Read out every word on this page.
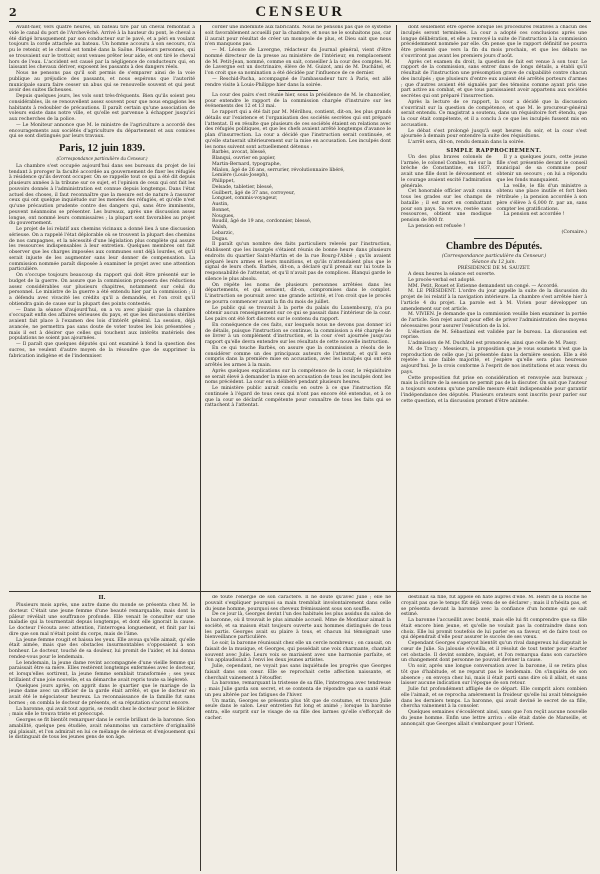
2	CENSEUR

Avant-hier, vers quatre heures, un bateau tiré par un cheval remontait à vide le canal du port de l'Archevêché. Arrivé à la hauteur du pont, le cheval a été dirigé brusquement par son conducteur sur le pavé, et a péri en voulant toujours la corde attachée au bateau. Un homme accouru à son secours, n'a pu le retenir, et le cheval est tombé dans la Saône. Plusieurs personnes, qui se trouvaient sur le trottoir, sont venues prêter leur aide, et ont tiré le cheval hors de l'eau. L'accident est causé par la négligence de conducteurs qui, en laissant les chevaux dériver, exposent les passants à des dangers réels.

Nous ne pensons pas qu'il soit permis de s'emparer ainsi de la voie publique au préjudice des passants, et nous espérons que l'autorité municipale saura faire cesser un abus qui se renouvelle souvent et qui peut avoir des suites fâcheuses.

Depuis quelques jours, les vols sont très-fréquents. Bien qu'ils soient peu considérables, ils se renouvellent assez souvent pour que nous engagions les habitants à redoubler de précautions. Il paraît certain qu'une association de voleurs existe dans notre ville, et qu'elle est parvenue à échapper jusqu'ici aux recherches de la police.

— Le Moniteur annonce que M. le ministre de l'agriculture a accordé des encouragements aux sociétés d'agriculture du département et aux comices qui se sont distingués par leurs travaux.

Paris, 12 juin 1839.
(Correspondance particulière du Censeur.)

La chambre s'est occupée aujourd'hui dans ses bureaux du projet de loi tendant à proroger la faculté accordée au gouvernement de fixer les réfugiés à résidence qu'ils devront occuper. On se rappelle tout ce qui a été dit depuis plusieurs années à la tribune sur ce sujet, et l'opinion de ceux qui ont fait les pouvoirs donnés à l'administration est connue depuis longtemps. Dans l'état actuel des choses, il faut reconnaître que la mesure est de nature à rassurer ceux qui ont quelque inquiétude sur les menées des réfugiés, et qu'elle n'est qu'une précaution prudente contre des dangers qui, sans être imminents, peuvent néanmoins se présenter. Les bureaux, après une discussion assez longue, ont nommé leurs commissaires ; la plupart sont favorables au projet du gouvernement.

Le projet de loi relatif aux chemins vicinaux a donné lieu à une discussion sérieuse. On a rappelé l'état déplorable où se trouvent la plupart des chemins de nos campagnes, et la nécessité d'une législation plus complète qui assure les ressources indispensables à leur entretien. Quelques membres ont fait observer que les charges imposées aux communes sont déjà lourdes, et qu'il serait injuste de les augmenter sans leur donner de compensation. La commission nommée paraît disposée à examiner le projet avec une attention particulière.

On s'occupe toujours beaucoup du rapport qui doit être présenté sur le budget de la guerre. On assure que la commission proposera des réductions assez considérables sur plusieurs chapitres, notamment sur celui du personnel. Le ministre de la guerre a été entendu hier par la commission ; il a défendu avec vivacité les crédits qu'il a demandés, et l'on croit qu'il obtiendra gain de cause sur la plupart des points contestés.

— Dans la séance d'aujourd'hui, on a vu avec plaisir que la chambre s'occupait enfin des affaires sérieuses du pays, et que les discussions stériles avaient fait place à l'examen des lois d'intérêt général. La session, déjà avancée, ne permettra pas sans doute de voter toutes les lois présentées ; mais il est à désirer que celles qui touchent aux intérêts matériels des populations ne soient pas ajournées.

— Il paraît que quelques députés qui ont examiné à fond la question des sucres, ne veulent d'autre moyen de la résoudre que de supprimer la fabrication indigène et de l'indemniser.

corder une indemnité aux fabricants. Nous ne pensons pas que ce système soit favorablement accueilli par la chambre, et nous ne le souhaitons pas, car il aurait pour résultat de créer un monopole de plus, et Dieu sait que nous n'en manquons pas.

— M. Léonce de Lavergne, rédacteur du Journal général, vient d'être nommé directeur de la presse au ministère de l'intérieur, en remplacement de M. Petit-Jean, nommé, comme on sait, conseiller à la cour des comptes. M. de Lavergne est un doctrinaire, élève de M. Guizot, ami de M. Duchâtel, et l'on croit que sa nomination a été décidée par l'influence de ce dernier.

— Reschid-Pacha, accompagné de l'ambassadeur turc à Paris, est allé rendre visite à Louis-Philippe hier dans la soirée.

La cour des pairs s'est réunie hier, sous la présidence de M. le chancelier, pour entendre le rapport de la commission chargée d'instruire sur les événements des 12 et 13 mai.

Le rapport qui a été fait par M. Mérilhou, contient, dit-on, les plus grands détails sur l'existence et l'organisation des sociétés secrètes qui ont préparé l'attentat. Il en résulte que plusieurs de ces sociétés étaient en relations avec des réfugiés politiques, et que les chefs avaient arrêté longtemps d'avance le plan d'insurrection. La cour a décidé que l'instruction serait continuée, et qu'elle statuerait ultérieurement sur la mise en accusation. Les inculpés dont les noms suivent sont actuellement détenus :

Barbès, avocat, blessé,

Blanqui, ouvrier en papier,

Martin-Bernard, typographe,

Mialon, âgé de 26 ans, serrurier, révolutionnaire libéré,

Lemière (Louis-Joseph),

Philippet,

Delsade, tabletier, blessé,

Guilbert, âgé de 37 ans, corroyeur,

Longuet, commis-voyageur,

Austin,

Bonnet,

Nougues,

Roudil, âgé de 19 ans, cordonnier, blessé,

Walsh,

Lebarzic,

Dugas.

Il paraît qu'un nombre des faits particuliers relevés par l'instruction, établissent que les insurgés s'étaient réunis de bonne heure dans plusieurs endroits du quartier Saint-Martin et de la rue Bourg-l'Abbé ; qu'ils avaient préparé leurs armes et leurs munitions, et qu'ils n'attendaient plus que le signal de leurs chefs. Barbès, dit-on, a déclaré qu'il prenait sur lui toute la responsabilité de l'attentat, et qu'il n'avait pas de complices. Blanqui garde le silence le plus absolu.

On répète les noms de plusieurs personnes arrêtées dans les départements, et qui seraient, dit-on, compromises dans le complot. L'instruction se poursuit avec une grande activité, et l'on croit que le procès ne pourra commencer avant la fin du mois de juillet.

Le public qui se trouvait à la porte du palais du Luxembourg, n'a pu obtenir aucun renseignement sur ce qui se passait dans l'intérieur de la cour. Les pairs ont été fort discrets sur le contenu du rapport.

En conséquence de ces faits, sur lesquels nous ne devons pas donner ici de détails, puisque l'instruction se continue, la commission a été chargée de se livrer à un complément d'instruction, et la cour s'est ajournée jusqu'au rapport qu'elle devra entendre sur les résultats de cette nouvelle instruction.

En ce qui touche Barbès, on assure que la commission a résolu de le considérer comme un des principaux auteurs de l'attentat, et qu'il sera compris dans la première mise en accusation, avec les inculpés qui ont été arrêtés les armes à la main.

Après quelques explications sur la compétence de la cour, le réquisitoire se serait élevé à demander la mise en accusation de tous les inculpés dont les noms précèdent. La cour en a délibéré pendant plusieurs heures.

Le ministère public aurait conclu en outre à ce que l'instruction fût continuée à l'égard de tous ceux qui n'ont pas encore été entendus, et à ce que la cour se déclarât compétente pour connaître de tous les faits qui se rattachent à l'attentat.

dont seulement être opérée lorsque les procédures relatives à chacun des inculpés seront terminées. La cour a adopté ces conclusions après une longue délibération, et elle a renvoyé la suite de l'instruction à la commission précédemment nommée par elle. On pense que le rapport définitif ne pourra être présenté que vers la fin du mois prochain, et que les débats ne s'ouvriront pas avant les premiers jours d'août.

Après cet examen du droit, la question de fait est venue à son tour. Le rapport de la commission, sans entrer dans de longs détails, a établi qu'il résultait de l'instruction une présomption grave de culpabilité contre chacun des inculpés ; que plusieurs d'entre eux avaient été arrêtés porteurs d'armes ; que d'autres avaient été signalés par des témoins comme ayant pris une part active au combat, et que tous paraissaient avoir appartenu aux sociétés secrètes qui ont préparé l'insurrection.

Après la lecture de ce rapport, la cour a décidé que la discussion s'ouvrirait sur la question de compétence, et que M. le procureur-général serait entendu. Ce magistrat a soutenu, dans un réquisitoire fort étendu, que la cour était compétente, et il a conclu à ce que les inculpés fussent mis en accusation.

Le débat s'est prolongé jusqu'à sept heures du soir, et la cour s'est ajournée à demain pour entendre la suite des réquisitions.

L'arrêt sera, dit-on, rendu demain dans la soirée.

SIMPLE RAPPROCHEMENT.

Un des plus braves colonels de l'armée, le colonel Combes, tué sur la brèche de Constantine, en 1837, avait une fille dont le dévouement et le courage avaient excité l'admiration générale.

Cet honorable officier avait connu tous les grades sur les champs de bataille ; il est mort en combattant pour son pays. Sa veuve, restée sans ressources, obtient une modique pension de 800 fr.

La pension est refusée !

Il y a quelques jours, cette jeune fille s'est présentée devant le conseil municipal de sa commune pour obtenir un secours ; on lui a répondu que les fonds manquaient.

La veille, le fils d'un ministre a obtenu une place inutile et fort bien rétribuée ; la pension accordée à son père s'élève à 6,000 fr. par an, sans compter les gratifications.

La pension est accordée !

(Corsaire.)
Chambre des Députés.
(Correspondance particulière du Censeur.)
Séance du 12 juin.
PRÉSIDENCE DE M. SAUZET.

A deux heures la séance est ouverte.

Le procès-verbal est adopté.

MM. Petit, Rouet et Estienne demandent un congé. — Accordé.

M. LE PRÉSIDENT. L'ordre du jour appelle la suite de la discussion du projet de loi relatif à la navigation intérieure. La chambre s'est arrêtée hier à l'article 4 du projet. La parole est à M. Vivien pour développer un amendement sur cet article.

M. VIVIEN. Je demande que la commission veuille bien examiner la portée de l'article. Son rejet aurait pour effet de priver l'administration des moyens nécessaires pour assurer l'exécution de la loi.

L'élection de M. Sébastiani est validée par le bureau. La discussion est reprise.

L'admission de M. Duchâtel est prononcée, ainsi que celle de M. Passy.

M. de Tracy : Messieurs, la proposition que je vous soumets n'est que la reproduction de celle que j'ai présentée dans la dernière session. Elle a été rejetée à une faible majorité, et j'espère qu'elle sera plus heureuse aujourd'hui. Je la crois conforme à l'esprit de nos institutions et aux vœux du pays.

Cette proposition fut prise en considération et renvoyée aux bureaux ; mais la clôture de la session ne permit pas de la discuter. On sait que l'auteur a toujours soutenu qu'une pareille mesure était indispensable pour garantir l'indépendance des députés. Plusieurs orateurs sont inscrits pour parler sur cette question, et la discussion promet d'être animée.

II.

Plusieurs mois après, une autre dame du monde se présenta chez M. le docteur. C'était une jeune femme d'une beauté remarquable, mais dont la pâleur révélait une souffrance profonde. Elle venait le consulter sur une maladie qui la tourmentait depuis longtemps, et dont elle ignorait la cause. Le docteur l'écouta avec attention, l'interrogea longuement, et finit par lui dire que son mal n'était point du corps, mais de l'âme.

La jeune femme rougit et baissa les yeux. Elle avoua qu'elle aimait, qu'elle était aimée, mais que des obstacles insurmontables s'opposaient à son bonheur. Le docteur, touché de sa douleur, lui promit de l'aider, et lui donna rendez-vous pour le lendemain.

Le lendemain, la jeune dame revint accompagnée d'une vieille femme qui paraissait être sa mère. Elles restèrent longtemps enfermées avec le docteur, et lorsqu'elles sortirent, la jeune femme semblait transformée ; ses yeux brillaient d'une joie nouvelle, et sa démarche avait repris toute sa légèreté.

Quelques jours après, on apprit dans le quartier que le mariage de la jeune dame avec un officier de la garde était arrêté, et que le docteur en avait été le négociateur heureux. La reconnaissance de la famille fut sans bornes ; on combla le docteur de présents, et sa réputation s'accrut encore.

La baronne, qui avait tout appris, se rendit chez le docteur pour le féliciter ; mais elle le trouva triste et préoccupé.

Georges se fit bientôt remarquer dans le cercle brillant de la baronne. Son amabilité, quelque peu étudiée, avait néanmoins un caractère d'originalité qui plaisait, et l'on admirait en lui ce mélange de sérieux et d'enjouement qui le distinguait de tous les jeunes gens de son âge.

de toute l'énergie de son caractère. Il ne doute qu'avec Julie ; elle ne pouvait s'expliquer pourquoi sa main tremblait involontairement dans celle du jeune homme, pourquoi ses cheveux frémissaient sous son souffle.

De ce jour là, Georges devint l'un des habitués les plus assidus du salon de la baronne, où il trouvait le plus aimable accueil. Mme de Montlaur aimait la société, et sa maison était toujours ouverte aux hommes distingués de tous les partis. Georges avait su plaire à tous, et chacun lui témoignait une bienveillance particulière.

Le soir, la baronne réunissait chez elle un cercle nombreux ; on causait, on faisait de la musique, et Georges, qui possédait une voix charmante, chantait souvent avec Julie. Leurs voix se mariaient avec une harmonie parfaite, et l'on applaudissait à l'envi les deux jeunes artistes.

Julie, cependant, ne voyait pas sans inquiétude les progrès que Georges faisait dans son cœur. Elle se reprochait cette affection naissante, et cherchait vainement à l'étouffer.

La baronne, remarquant la tristesse de sa fille, l'interrogea avec tendresse ; mais Julie garda son secret, et se contenta de répondre que sa santé était un peu altérée par les fatigues de l'hiver.

Un matin, Georges se présenta plus tôt que de coutume, et trouva Julie seule dans le salon. Leur entretien fut long et animé ; lorsque la baronne entra, elle surprit sur le visage de sa fille des larmes qu'elle s'efforçait de cacher.

destinait sa fille, fut appelé en hâte auprès d'elle. M. Henri de la Roche ne croyait pas que le temps fût déjà venu de se déclarer ; mais il n'hésita pas, et se présenta devant la baronne avec la confiance d'un homme qui se sait estimé.

La baronne l'accueillit avec bonté, mais elle lui fit comprendre que sa fille était encore bien jeune, et qu'elle ne voulait pas la contraindre dans son choix. Elle lui promit toutefois de lui parler en sa faveur, et de faire tout ce qui dépendrait d'elle pour assurer le succès de ses vœux.

Cependant Georges s'aperçut bientôt qu'un rival dangereux lui disputait le cœur de Julie. Sa jalousie s'éveilla, et il résolut de tout tenter pour écarter cet obstacle. Il devint sombre, inquiet, et l'on remarqua dans son caractère un changement dont personne ne pouvait deviner la cause.

Un soir, après une longue conversation avec la baronne, il se retira plus tôt que d'habitude, et ne reparut pas le lendemain. On s'inquiéta de son absence ; on envoya chez lui, mais il était parti sans dire où il allait, et sans laisser aucune indication sur l'époque de son retour.

Julie fut profondément affligée de ce départ. Elle comprit alors combien elle l'aimait, et se reprocha amèrement la froideur qu'elle lui avait témoignée dans les derniers temps. La baronne, qui avait deviné le secret de sa fille, chercha vainement à la consoler.

Quelques semaines s'écoulèrent ainsi, sans que l'on reçût aucune nouvelle du jeune homme. Enfin une lettre arriva : elle était datée de Marseille, et annonçait que Georges allait s'embarquer pour l'Orient.
